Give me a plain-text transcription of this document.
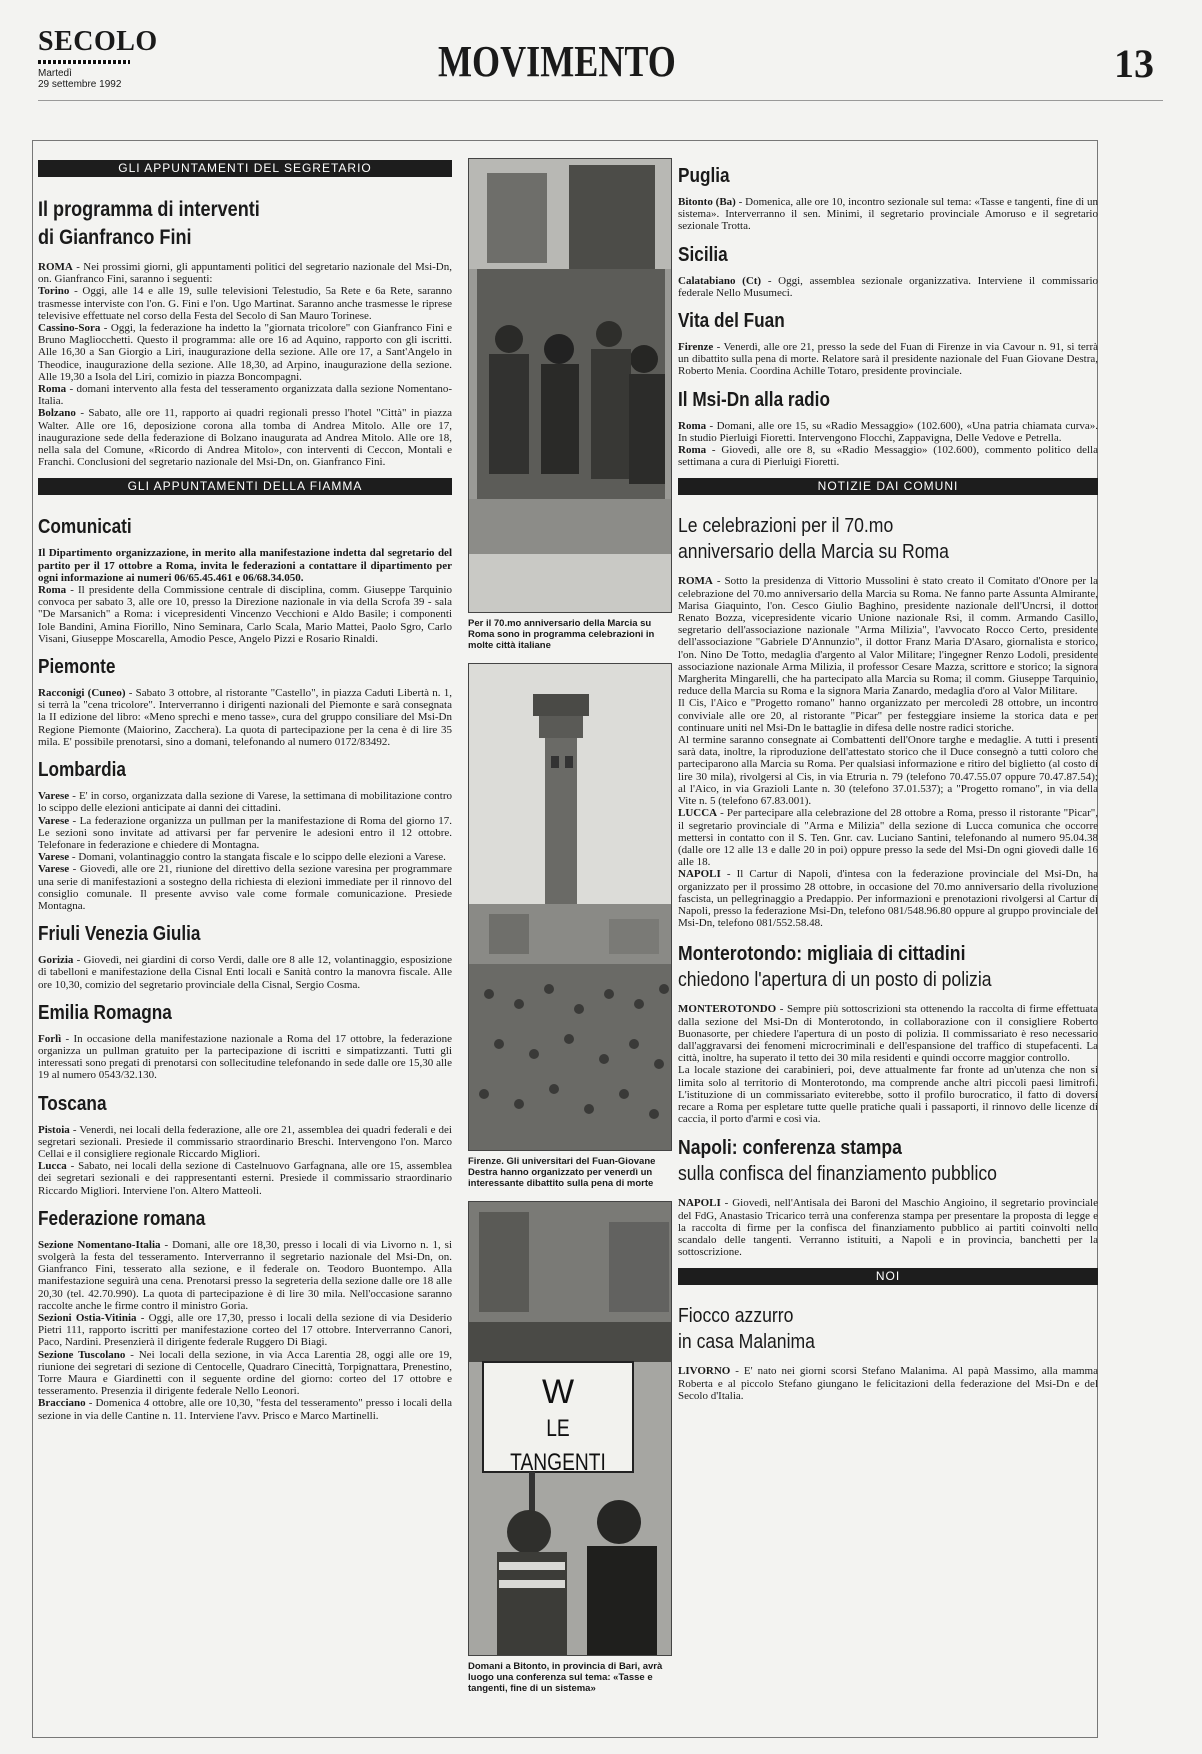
SECOLO
Martedì
29 settembre 1992	MOVIMENTO	13
GLI APPUNTAMENTI DEL SEGRETARIO
Il programma di interventi
di Gianfranco Fini

ROMA - Nei prossimi giorni, gli appuntamenti politici del segretario nazionale del Msi-Dn, on. Gianfranco Fini, saranno i seguenti:

Torino - Oggi, alle 14 e alle 19, sulle televisioni Telestudio, 5a Rete e 6a Rete, saranno trasmesse interviste con l'on. G. Fini e l'on. Ugo Martinat. Saranno anche trasmesse le riprese televisive effettuate nel corso della Festa del Secolo di San Mauro Torinese.

Cassino-Sora - Oggi, la federazione ha indetto la "giornata tricolore" con Gianfranco Fini e Bruno Magliocchetti. Questo il programma: alle ore 16 ad Aquino, rapporto con gli iscritti. Alle 16,30 a San Giorgio a Liri, inaugurazione della sezione. Alle ore 17, a Sant'Angelo in Theodice, inaugurazione della sezione. Alle 18,30, ad Arpino, inaugurazione della sezione. Alle 19,30 a Isola del Liri, comizio in piazza Boncompagni.

Roma - domani intervento alla festa del tesseramento organizzata dalla sezione Nomentano-Italia.

Bolzano - Sabato, alle ore 11, rapporto ai quadri regionali presso l'hotel "Città" in piazza Walter. Alle ore 16, deposizione corona alla tomba di Andrea Mitolo. Alle ore 17, inaugurazione sede della federazione di Bolzano inaugurata ad Andrea Mitolo. Alle ore 18, nella sala del Comune, «Ricordo di Andrea Mitolo», con interventi di Ceccon, Montali e Franchi. Conclusioni del segretario nazionale del Msi-Dn, on. Gianfranco Fini.

GLI APPUNTAMENTI DELLA FIAMMA
Comunicati

Il Dipartimento organizzazione, in merito alla manifestazione indetta dal segretario del partito per il 17 ottobre a Roma, invita le federazioni a contattare il dipartimento per ogni informazione ai numeri 06/65.45.461 e 06/68.34.050.

Roma - Il presidente della Commissione centrale di disciplina, comm. Giuseppe Tarquinio convoca per sabato 3, alle ore 10, presso la Direzione nazionale in via della Scrofa 39 - sala "De Marsanich" a Roma: i vicepresidenti Vincenzo Vecchioni e Aldo Basile; i componenti Iole Bandini, Amina Fiorillo, Nino Seminara, Carlo Scala, Mario Mattei, Paolo Sgro, Carlo Visani, Giuseppe Moscarella, Amodio Pesce, Angelo Pizzi e Rosario Rinaldi.

Piemonte

Racconigi (Cuneo) - Sabato 3 ottobre, al ristorante "Castello", in piazza Caduti Libertà n. 1, si terrà la "cena tricolore". Interverranno i dirigenti nazionali del Piemonte e sarà consegnata la II edizione del libro: «Meno sprechi e meno tasse», cura del gruppo consiliare del Msi-Dn Regione Piemonte (Maiorino, Zacchera). La quota di partecipazione per la cena è di lire 35 mila. E' possibile prenotarsi, sino a domani, telefonando al numero 0172/83492.

Lombardia

Varese - E' in corso, organizzata dalla sezione di Varese, la settimana di mobilitazione contro lo scippo delle elezioni anticipate ai danni dei cittadini.

Varese - La federazione organizza un pullman per la manifestazione di Roma del giorno 17. Le sezioni sono invitate ad attivarsi per far pervenire le adesioni entro il 12 ottobre. Telefonare in federazione e chiedere di Montagna.

Varese - Domani, volantinaggio contro la stangata fiscale e lo scippo delle elezioni a Varese.

Varese - Giovedì, alle ore 21, riunione del direttivo della sezione varesina per programmare una serie di manifestazioni a sostegno della richiesta di elezioni immediate per il rinnovo del consiglio comunale. Il presente avviso vale come formale comunicazione. Presiede Montagna.

Friuli Venezia Giulia

Gorizia - Giovedì, nei giardini di corso Verdi, dalle ore 8 alle 12, volantinaggio, esposizione di tabelloni e manifestazione della Cisnal Enti locali e Sanità contro la manovra fiscale. Alle ore 10,30, comizio del segretario provinciale della Cisnal, Sergio Cosma.

Emilia Romagna

Forlì - In occasione della manifestazione nazionale a Roma del 17 ottobre, la federazione organizza un pullman gratuito per la partecipazione di iscritti e simpatizzanti. Tutti gli interessati sono pregati di prenotarsi con sollecitudine telefonando in sede dalle ore 15,30 alle 19 al numero 0543/32.130.

Toscana

Pistoia - Venerdì, nei locali della federazione, alle ore 21, assemblea dei quadri federali e dei segretari sezionali. Presiede il commissario straordinario Breschi. Intervengono l'on. Marco Cellai e il consigliere regionale Riccardo Migliori.

Lucca - Sabato, nei locali della sezione di Castelnuovo Garfagnana, alle ore 15, assemblea dei segretari sezionali e dei rappresentanti esterni. Presiede il commissario straordinario Riccardo Migliori. Interviene l'on. Altero Matteoli.

Federazione romana

Sezione Nomentano-Italia - Domani, alle ore 18,30, presso i locali di via Livorno n. 1, si svolgerà la festa del tesseramento. Interverranno il segretario nazionale del Msi-Dn, on. Gianfranco Fini, tesserato alla sezione, e il federale on. Teodoro Buontempo. Alla manifestazione seguirà una cena. Prenotarsi presso la segreteria della sezione dalle ore 18 alle 20,30 (tel. 42.70.990). La quota di partecipazione è di lire 30 mila. Nell'occasione saranno raccolte anche le firme contro il ministro Goria.

Sezioni Ostia-Vitinia - Oggi, alle ore 17,30, presso i locali della sezione di via Desiderio Pietri 111, rapporto iscritti per manifestazione corteo del 17 ottobre. Interverranno Canori, Paco, Nardini. Presenzierà il dirigente federale Ruggero Di Biagi.

Sezione Tuscolano - Nei locali della sezione, in via Acca Larentia 28, oggi alle ore 19, riunione dei segretari di sezione di Centocelle, Quadraro Cinecittà, Torpignattara, Prenestino, Torre Maura e Giardinetti con il seguente ordine del giorno: corteo del 17 ottobre e tesseramento. Presenzia il dirigente federale Nello Leonori.

Bracciano - Domenica 4 ottobre, alle ore 10,30, "festa del tesseramento" presso i locali della sezione in via delle Cantine n. 11. Interviene l'avv. Prisco e Marco Martinelli.

Per il 70.mo anniversario della Marcia su Roma sono in programma celebrazioni in molte città italiane
Firenze. Gli universitari del Fuan-Giovane Destra hanno organizzato per venerdì un interessante dibattito sulla pena di morte
W
LE TANGENTI
Domani a Bitonto, in provincia di Bari, avrà luogo una conferenza sul tema: «Tasse e tangenti, fine di un sistema»
Puglia

Bitonto (Ba) - Domenica, alle ore 10, incontro sezionale sul tema: «Tasse e tangenti, fine di un sistema». Interverranno il sen. Minimi, il segretario provinciale Amoruso e il segretario sezionale Trotta.

Sicilia

Calatabiano (Ct) - Oggi, assemblea sezionale organizzativa. Interviene il commissario federale Nello Musumeci.

Vita del Fuan

Firenze - Venerdì, alle ore 21, presso la sede del Fuan di Firenze in via Cavour n. 91, si terrà un dibattito sulla pena di morte. Relatore sarà il presidente nazionale del Fuan Giovane Destra, Roberto Menia. Coordina Achille Totaro, presidente provinciale.

Il Msi-Dn alla radio

Roma - Domani, alle ore 15, su «Radio Messaggio» (102.600), «Una patria chiamata curva». In studio Pierluigi Fioretti. Intervengono Flocchi, Zappavigna, Delle Vedove e Petrella.

Roma - Giovedì, alle ore 8, su «Radio Messaggio» (102.600), commento politico della settimana a cura di Pierluigi Fioretti.

NOTIZIE DAI COMUNI
Le celebrazioni per il 70.mo
anniversario della Marcia su Roma

ROMA - Sotto la presidenza di Vittorio Mussolini è stato creato il Comitato d'Onore per la celebrazione del 70.mo anniversario della Marcia su Roma. Ne fanno parte Assunta Almirante, Marisa Giaquinto, l'on. Cesco Giulio Baghino, presidente nazionale dell'Uncrsi, il dottor Renato Bozza, vicepresidente vicario Unione nazionale Rsi, il comm. Armando Casillo, segretario dell'associazione nazionale "Arma Milizia", l'avvocato Rocco Certo, presidente dell'associazione "Gabriele D'Annunzio", il dottor Franz Maria D'Asaro, giornalista e storico, l'on. Nino De Totto, medaglia d'argento al Valor Militare; l'ingegner Renzo Lodoli, presidente associazione nazionale Arma Milizia, il professor Cesare Mazza, scrittore e storico; la signora Margherita Mingarelli, che ha partecipato alla Marcia su Roma; il comm. Giuseppe Tarquinio, reduce della Marcia su Roma e la signora Maria Zanardo, medaglia d'oro al Valor Militare.

Il Cis, l'Aico e "Progetto romano" hanno organizzato per mercoledì 28 ottobre, un incontro conviviale alle ore 20, al ristorante "Picar" per festeggiare insieme la storica data e per continuare uniti nel Msi-Dn le battaglie in difesa delle nostre radici storiche.

Al termine saranno consegnate ai Combattenti dell'Onore targhe e medaglie. A tutti i presenti sarà data, inoltre, la riproduzione dell'attestato storico che il Duce consegnò a tutti coloro che parteciparono alla Marcia su Roma. Per qualsiasi informazione e ritiro del biglietto (al costo di lire 30 mila), rivolgersi al Cis, in via Etruria n. 79 (telefono 70.47.55.07 oppure 70.47.87.54); al l'Aico, in via Grazioli Lante n. 30 (telefono 37.01.537); a "Progetto romano", in via della Vite n. 5 (telefono 67.83.001).

LUCCA - Per partecipare alla celebrazione del 28 ottobre a Roma, presso il ristorante "Picar", il segretario provinciale di "Arma e Milizia" della sezione di Lucca comunica che occorre mettersi in contatto con il S. Ten. Gnr. cav. Luciano Santini, telefonando al numero 95.04.38 (dalle ore 12 alle 13 e dalle 20 in poi) oppure presso la sede del Msi-Dn ogni giovedì dalle 16 alle 18.

NAPOLI - Il Cartur di Napoli, d'intesa con la federazione provinciale del Msi-Dn, ha organizzato per il prossimo 28 ottobre, in occasione del 70.mo anniversario della rivoluzione fascista, un pellegrinaggio a Predappio. Per informazioni e prenotazioni rivolgersi al Cartur di Napoli, presso la federazione Msi-Dn, telefono 081/548.96.80 oppure al gruppo provinciale del Msi-Dn, telefono 081/552.58.48.

Monterotondo: migliaia di cittadini
chiedono l'apertura di un posto di polizia

MONTEROTONDO - Sempre più sottoscrizioni sta ottenendo la raccolta di firme effettuata dalla sezione del Msi-Dn di Monterotondo, in collaborazione con il consigliere Roberto Buonasorte, per chiedere l'apertura di un posto di polizia. Il commissariato è reso necessario dall'aggravarsi dei fenomeni microcriminali e dell'espansione del traffico di stupefacenti. La città, inoltre, ha superato il tetto dei 30 mila residenti e quindi occorre maggior controllo.

La locale stazione dei carabinieri, poi, deve attualmente far fronte ad un'utenza che non si limita solo al territorio di Monterotondo, ma comprende anche altri piccoli paesi limitrofi. L'istituzione di un commissariato eviterebbe, sotto il profilo burocratico, il fatto di doversi recare a Roma per espletare tutte quelle pratiche quali i passaporti, il rinnovo delle licenze di caccia, il porto d'armi e così via.

Napoli: conferenza stampa
sulla confisca del finanziamento pubblico

NAPOLI - Giovedì, nell'Antisala dei Baroni del Maschio Angioino, il segretario provinciale del FdG, Anastasio Tricarico terrà una conferenza stampa per presentare la proposta di legge e la raccolta di firme per la confisca del finanziamento pubblico ai partiti coinvolti nello scandalo delle tangenti. Verranno istituiti, a Napoli e in provincia, banchetti per la sottoscrizione.

NOI
Fiocco azzurro
in casa Malanima

LIVORNO - E' nato nei giorni scorsi Stefano Malanima. Al papà Massimo, alla mamma Roberta e al piccolo Stefano giungano le felicitazioni della federazione del Msi-Dn e del Secolo d'Italia.
